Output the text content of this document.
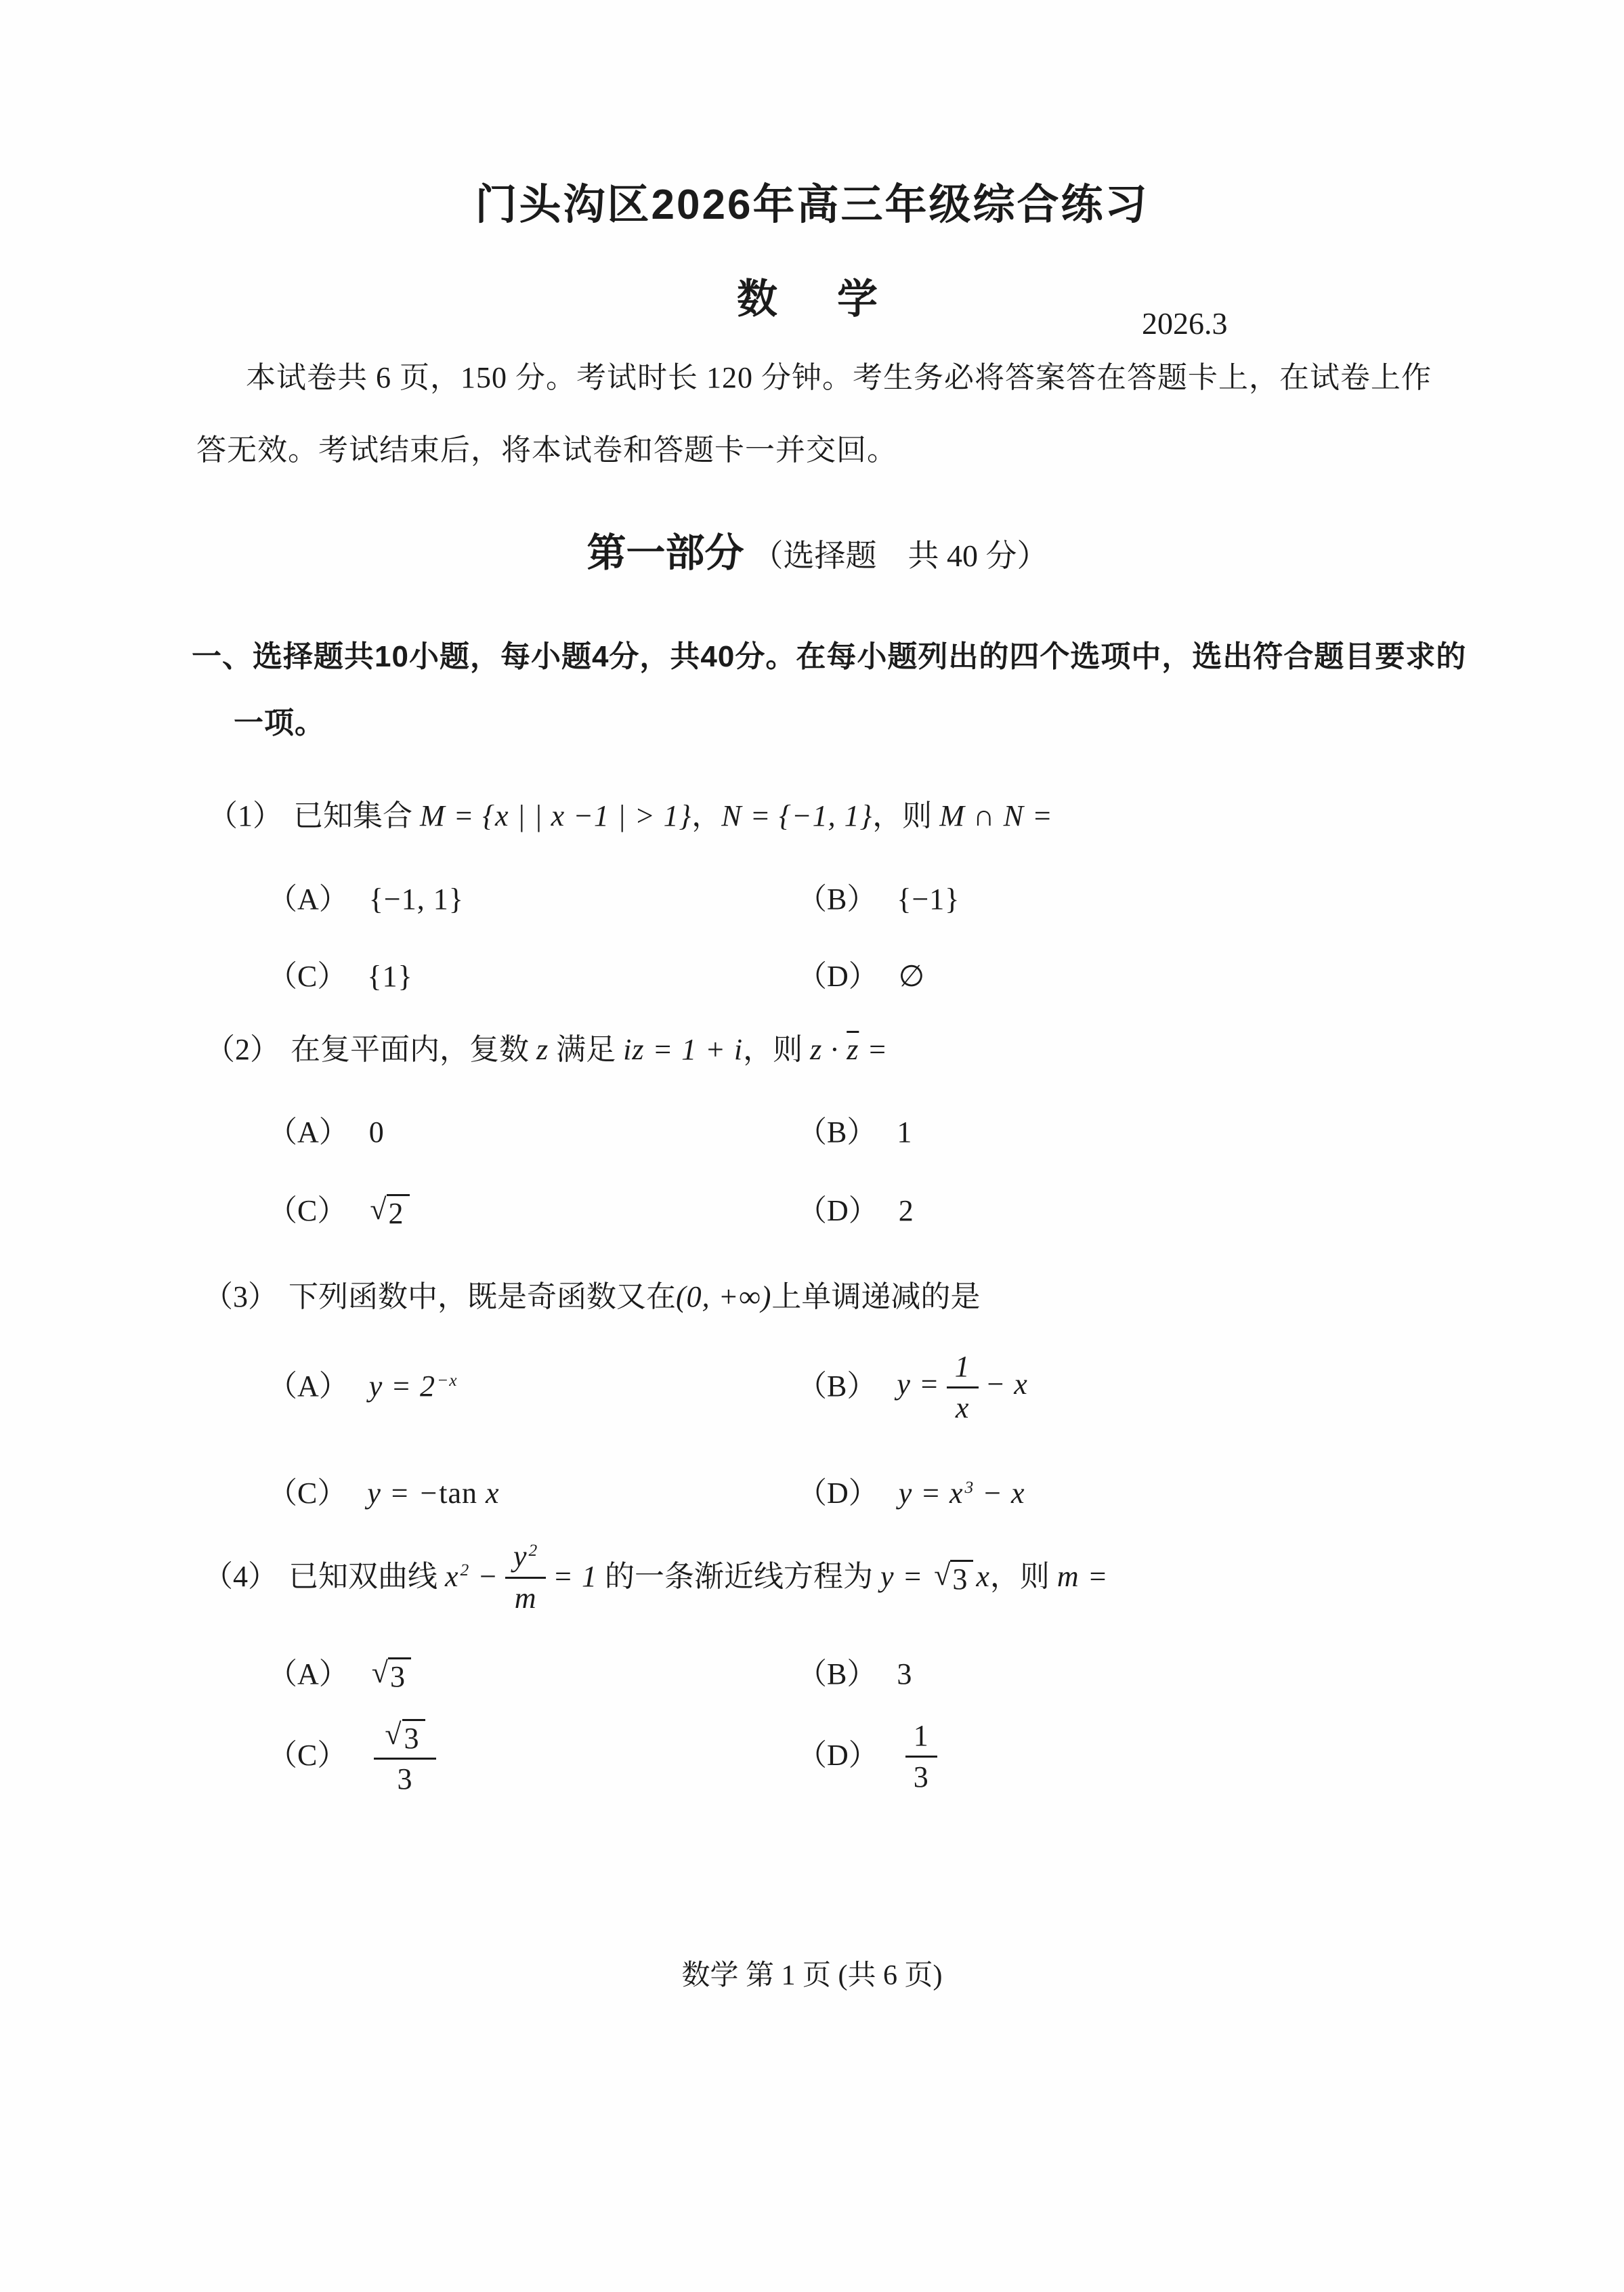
门头沟区2026年高三年级综合练习
数　学
2026.3
本试卷共 6 页，150 分。考试时长 120 分钟。考生务必将答案答在答题卡上，在试卷上作
答无效。考试结束后，将本试卷和答题卡一并交回。

第一部分 （选择题　共 40 分）

一、选择题共10小题，每小题4分，共40分。在每小题列出的四个选项中，选出符合题目要求的
一项。
（1） 已知集合 M = {x | | x −1 | > 1} ， N = {−1, 1} ，则 M ∩ N =
（A） {−1, 1}	（B） {−1}
（C） {1}	（D） ∅
（2） 在复平面内，复数 z 满足 iz = 1 + i ，则 $z \cdot \overline{z}$ =
（A） 0	（B） 1
（C） √ 2	（D） 2
（3） 下列函数中，既是奇函数又在 (0, +∞) 上单调递减的是
（A） $y = 2^{-x}$	（B） $y = \frac{1}{x} - x$
（C） y = −tan x	（D） $y = x^3 - x$
（4） 已知双曲线 $x^2 - \frac{y^2}{m} = 1$ 的一条渐近线方程为 y = √ 3 x ，则 m =
（A） √ 3	（B） 3
$(C) \frac{√ 3}{3}$	$(D) \frac{1}{3}$
数学 第 1 页 (共 6 页)
